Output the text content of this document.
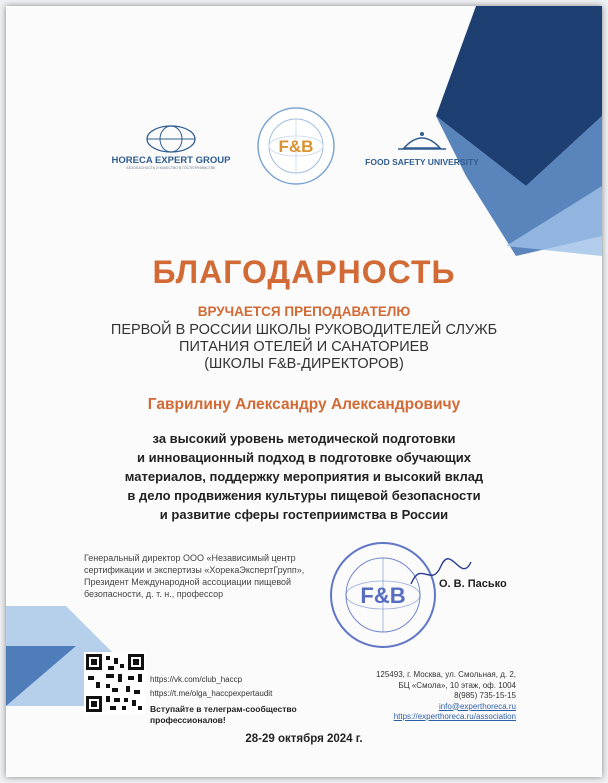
HORECA EXPERT GROUP
БЕЗОПАСНОСТЬ И КАЧЕСТВО В ГОСТЕПРИИМСТВЕ
F&B
FOOD SAFETY UNIVERSITY
БЛАГОДАРНОСТЬ
ВРУЧАЕТСЯ ПРЕПОДАВАТЕЛЮ
ПЕРВОЙ В РОССИИ ШКОЛЫ РУКОВОДИТЕЛЕЙ СЛУЖБ
ПИТАНИЯ ОТЕЛЕЙ И САНАТОРИЕВ
(ШКОЛЫ F&B-ДИРЕКТОРОВ)
Гаврилину Александру Александровичу
за высокий уровень методической подготовки
и инновационный подход в подготовке обучающих
материалов, поддержку мероприятия и высокий вклад
в дело продвижения культуры пищевой безопасности
и развитие сферы гостеприимства в России
Генеральный директор ООО «Независимый центр
сертификации и экспертизы «ХорекаЭкспертГрупп»,
Президент Международной ассоциации пищевой
безопасности, д. т. н., профессор	F&B	О. В. Пасько
https://vk.com/club_haccp
https://t.me/olga_haccpexpertaudit
Вступайте в телеграм-сообщество
профессионалов!
125493, г. Москва, ул. Смольная, д. 2,
БЦ «Смола», 10 этаж, оф. 1004
8(985) 735-15-15
info@experthoreca.ru
https://experthoreca.ru/association
28-29 октября 2024 г.
